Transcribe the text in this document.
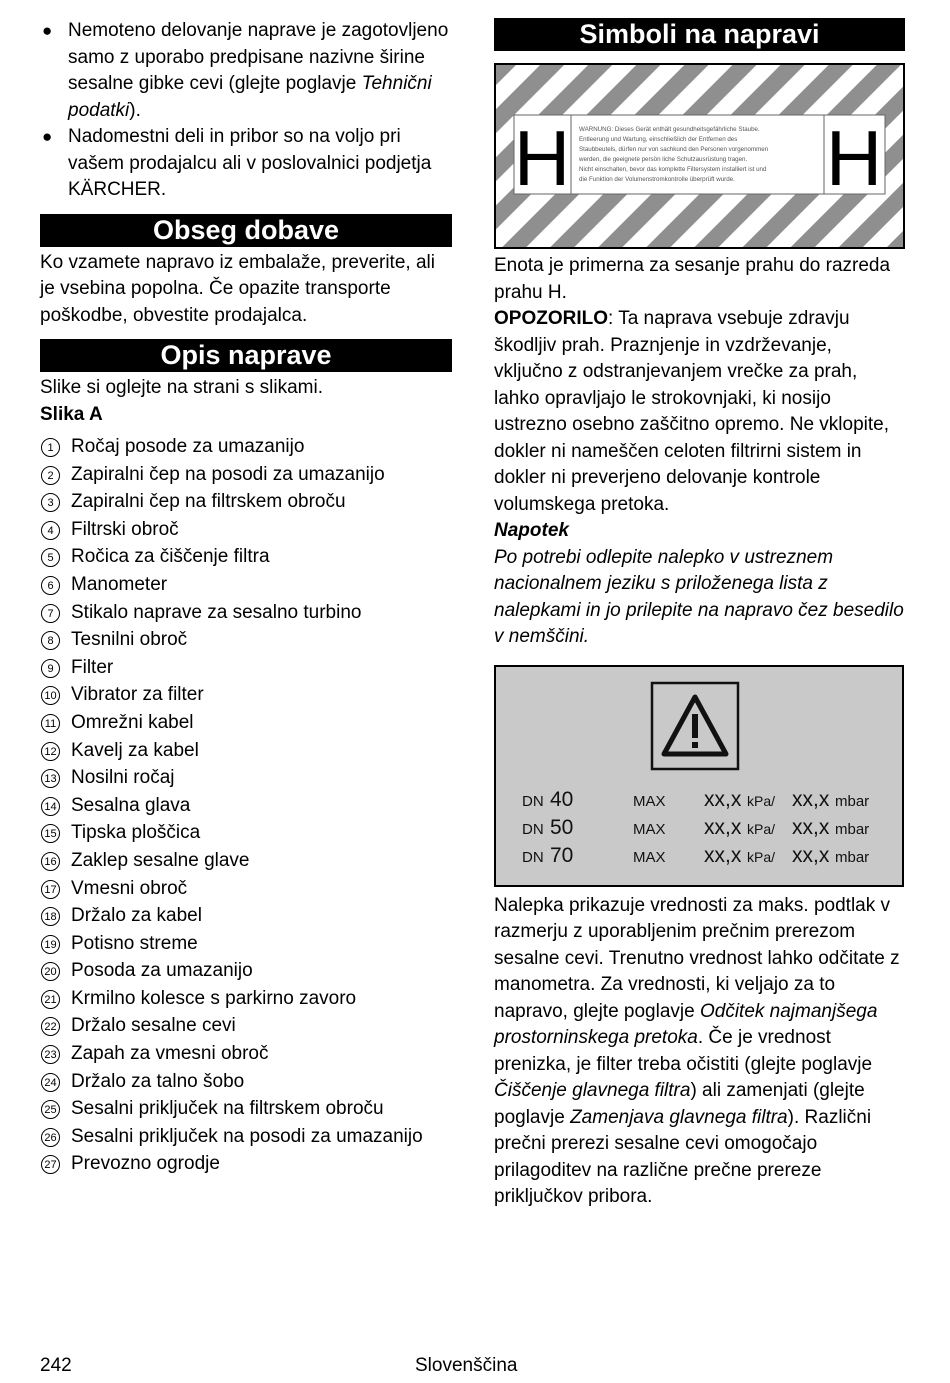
● Nemoteno delovanje naprave je zagotovljeno samo z uporabo predpisane nazivne širine sesalne gibke cevi (glejte poglavje Tehnični podatki).
● Nadomestni deli in pribor so na voljo pri vašem prodajalcu ali v poslovalnici podjetja KÄRCHER.
Obseg dobave

Ko vzamete napravo iz embalaže, preverite, ali je vsebina popolna. Če opazite transporte poškodbe, obvestite prodajalca.

Opis naprave

Slike si oglejte na strani s slikami.

Slika A

1 Ročaj posode za umazanijo
2 Zapiralni čep na posodi za umazanijo
3 Zapiralni čep na filtrskem obroču
4 Filtrski obroč
5 Ročica za čiščenje filtra
6 Manometer
7 Stikalo naprave za sesalno turbino
8 Tesnilni obroč
9 Filter
10 Vibrator za filter
11 Omrežni kabel
12 Kavelj za kabel
13 Nosilni ročaj
14 Sesalna glava
15 Tipska ploščica
16 Zaklep sesalne glave
17 Vmesni obroč
18 Držalo za kabel
19 Potisno streme
20 Posoda za umazanijo
21 Krmilno kolesce s parkirno zavoro
22 Držalo sesalne cevi
23 Zapah za vmesni obroč
24 Držalo za talno šobo
25 Sesalni priključek na filtrskem obroču
26 Sesalni priključek na posodi za umazanijo
27 Prevozno ogrodje
Simboli na napravi
H	H
WARNUNG: Dieses Gerät enthält gesundheitsgefährliche Staube.
Entleerung und Wartung, einschließlich der Entfernen des
Staubbeutels, dürfen nur von sachkund den Personen vorgenommen
werden, die geeignete persön liche Schutzausrüstung tragen.
Nicht einschalten, bevor das komplette Filtersystem installiert ist und
die Funktion der Volumenstromkontrolle überprüft wurde.

Enota je primerna za sesanje prahu do razreda prahu H.

OPOZORILO: Ta naprava vsebuje zdravju škodljiv prah. Praznjenje in vzdrževanje, vključno z odstranjevanjem vrečke za prah, lahko opravljajo le strokovnjaki, ki nosijo ustrezno osebno zaščitno opremo. Ne vklopite, dokler ni nameščen celoten filtrirni sistem in dokler ni preverjeno delovanje kontrole volumskega pretoka.

Napotek

Po potrebi odlepite nalepko v ustreznem nacionalnem jeziku s priloženega lista z nalepkami in jo prilepite na napravo čez besedilo v nemščini.

DN 40	MAX xx,x kPa/ xx,x mbar
DN 50	MAX xx,x kPa/ xx,x mbar
DN 70	MAX xx,x kPa/ xx,x mbar

Nalepka prikazuje vrednosti za maks. podtlak v razmerju z uporabljenim prečnim prerezom sesalne cevi. Trenutno vrednost lahko odčitate z manometra. Za vrednosti, ki veljajo za to napravo, glejte poglavje Odčitek najmanjšega prostorninskega pretoka. Če je vrednost prenizka, je filter treba očistiti (glejte poglavje Čiščenje glavnega filtra) ali zamenjati (glejte poglavje Zamenjava glavnega filtra). Različni prečni prerezi sesalne cevi omogočajo prilagoditev na različne prečne prereze priključkov pribora.

242	Slovenščina
